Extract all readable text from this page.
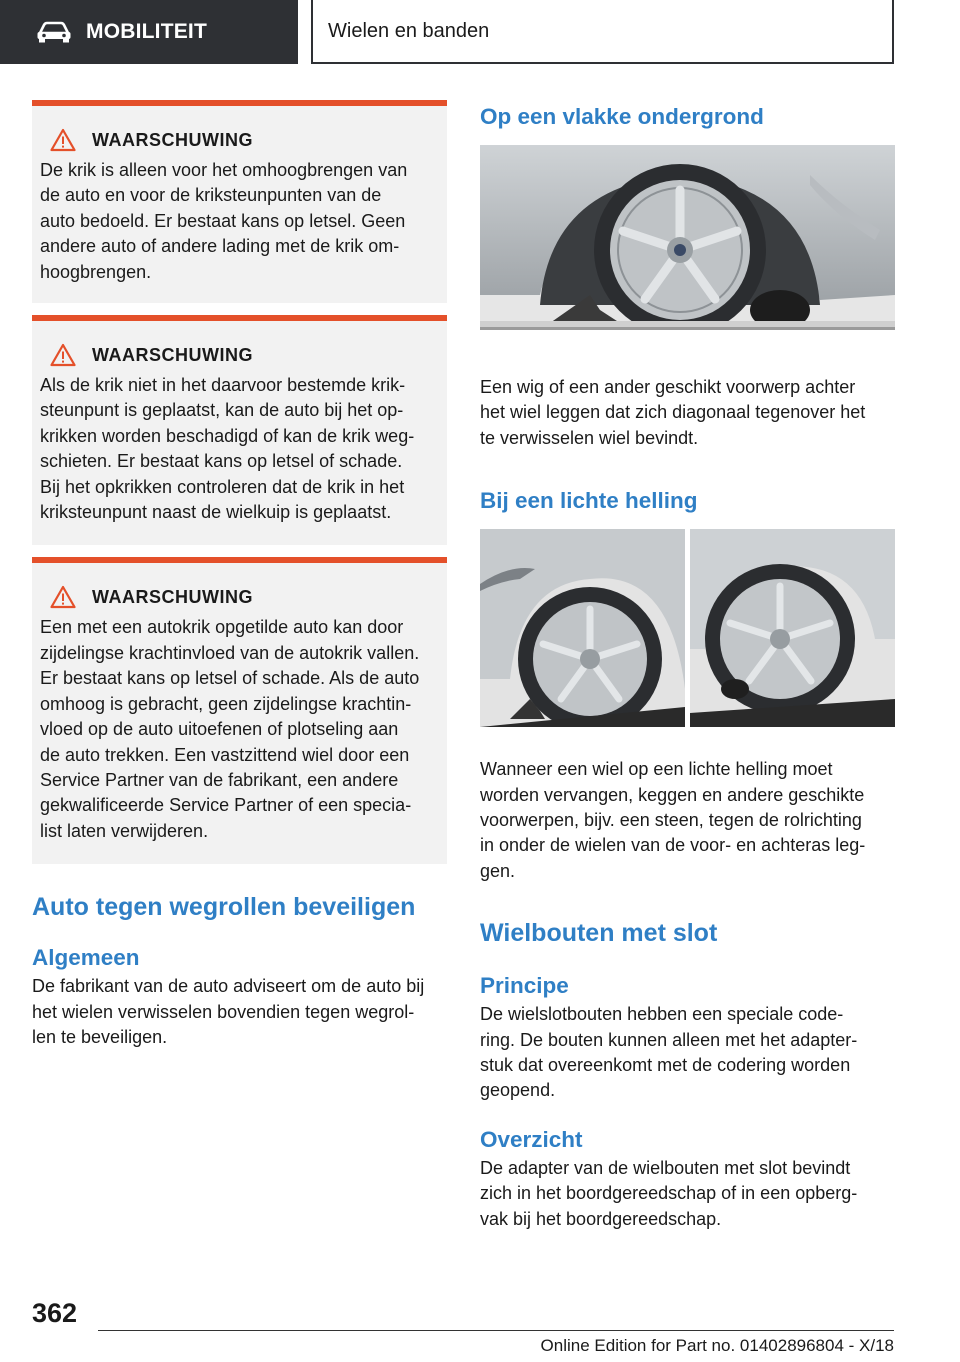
MOBILITEIT	Wielen en banden
WAARSCHUWING
De krik is alleen voor het omhoogbrengen van
de auto en voor de kriksteunpunten van de
auto bedoeld. Er bestaat kans op letsel. Geen
andere auto of andere lading met de krik om-
hoogbrengen.
WAARSCHUWING
Als de krik niet in het daarvoor bestemde krik-
steunpunt is geplaatst, kan de auto bij het op-
krikken worden beschadigd of kan de krik weg-
schieten. Er bestaat kans op letsel of schade.
Bij het opkrikken controleren dat de krik in het
kriksteunpunt naast de wielkuip is geplaatst.
WAARSCHUWING
Een met een autokrik opgetilde auto kan door
zijdelingse krachtinvloed van de autokrik vallen.
Er bestaat kans op letsel of schade. Als de auto
omhoog is gebracht, geen zijdelingse krachtin-
vloed op de auto uitoefenen of plotseling aan
de auto trekken. Een vastzittend wiel door een
Service Partner van de fabrikant, een andere
gekwalificeerde Service Partner of een specia-
list laten verwijderen.
Auto tegen wegrollen beveiligen
Algemeen
De fabrikant van de auto adviseert om de auto bij
het wielen verwisselen bovendien tegen wegrol-
len te beveiligen.
Op een vlakke ondergrond
Een wig of een ander geschikt voorwerp achter
het wiel leggen dat zich diagonaal tegenover het
te verwisselen wiel bevindt.
Bij een lichte helling
Wanneer een wiel op een lichte helling moet
worden vervangen, keggen en andere geschikte
voorwerpen, bijv. een steen, tegen de rolrichting
in onder de wielen van de voor- en achteras leg-
gen.
Wielbouten met slot
Principe
De wielslotbouten hebben een speciale code-
ring. De bouten kunnen alleen met het adapter-
stuk dat overeenkomt met de codering worden
geopend.
Overzicht
De adapter van de wielbouten met slot bevindt
zich in het boordgereedschap of in een opberg-
vak bij het boordgereedschap.
362
Online Edition for Part no. 01402896804 - X/18
